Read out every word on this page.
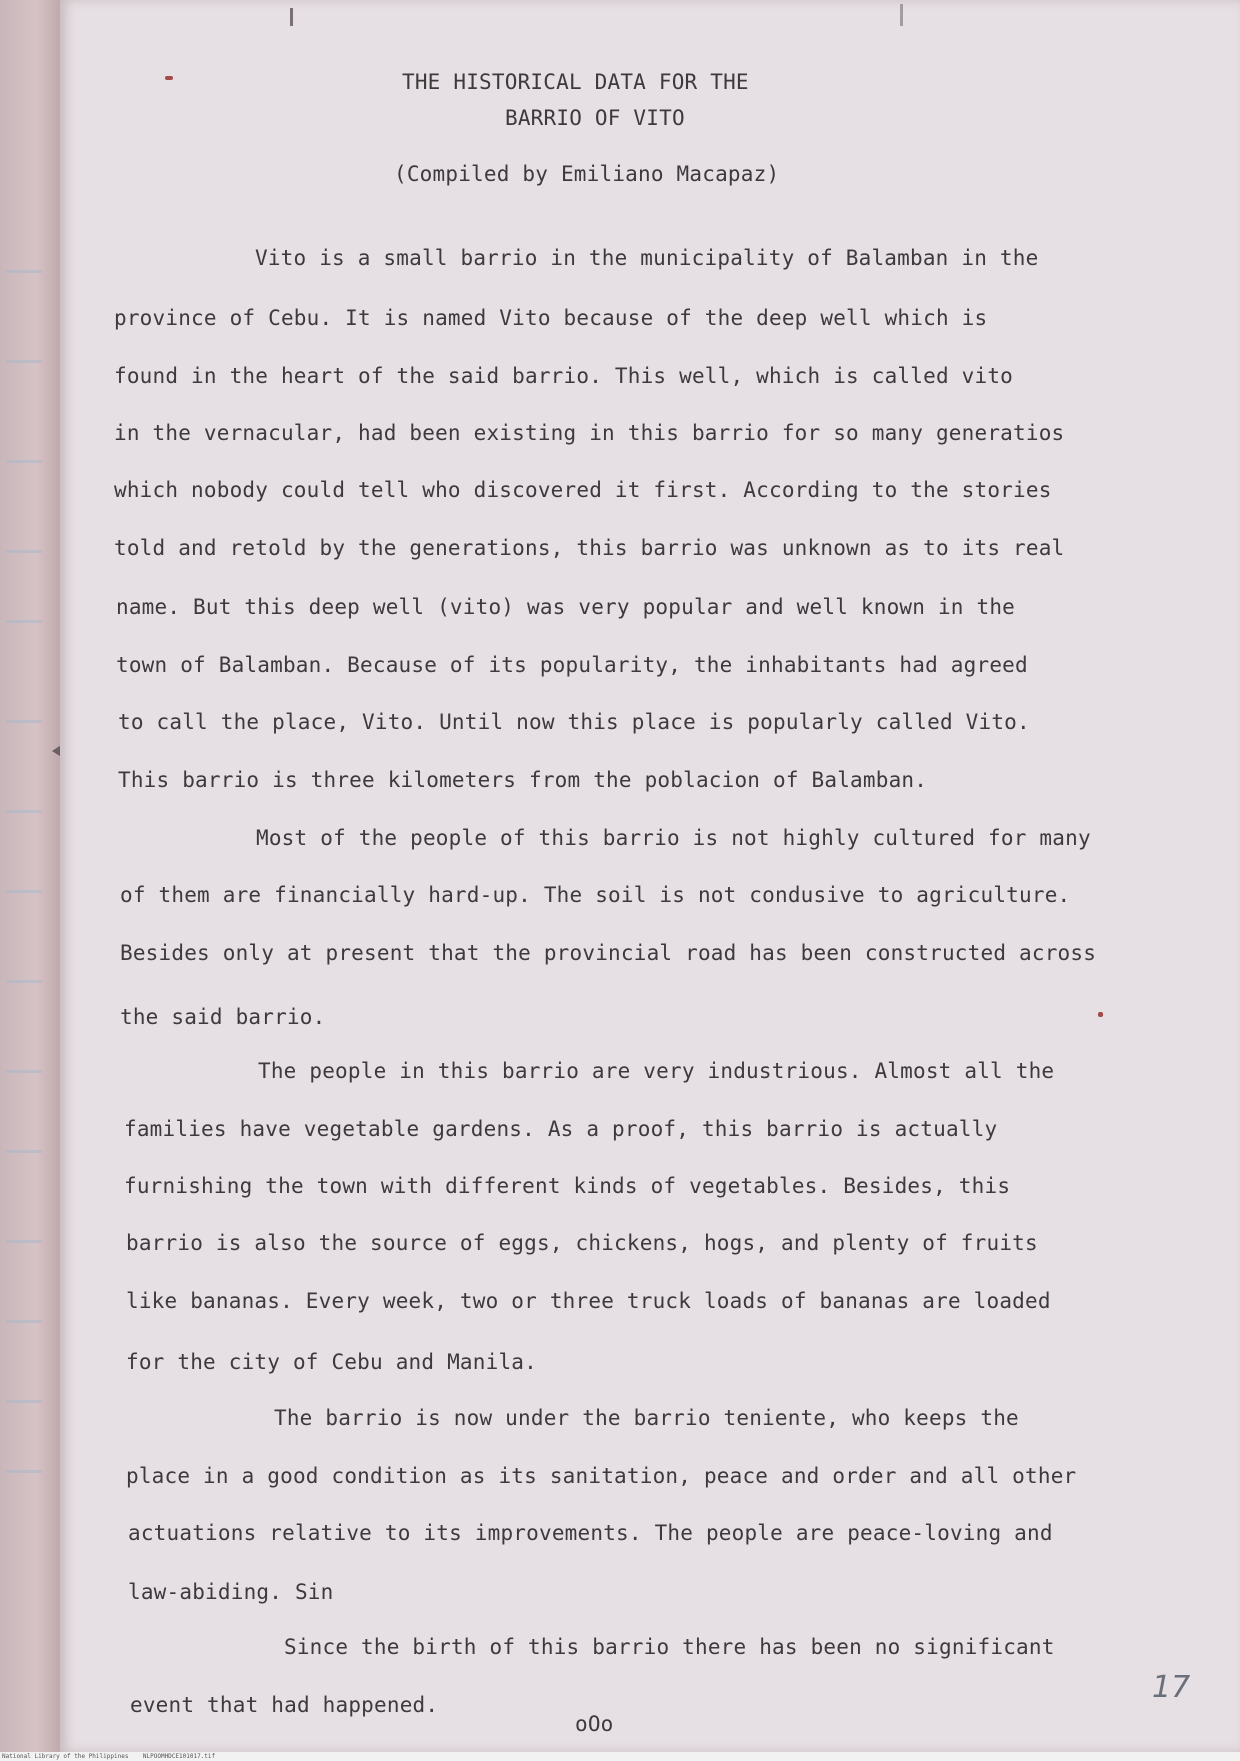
THE HISTORICAL DATA FOR THE
BARRIO OF VITO
(Compiled by Emiliano Macapaz)
Vito is a small barrio in the municipality of Balamban in the
province of Cebu. It is named Vito because of the deep well which is
found in the heart of the said barrio. This well, which is called vito
in the vernacular, had been existing in this barrio for so many generatios
which nobody could tell who discovered it first. According to the stories
told and retold by the generations, this barrio was unknown as to its real
name. But this deep well (vito) was very popular and well known in the
town of Balamban. Because of its popularity, the inhabitants had agreed
to call the place, Vito. Until now this place is popularly called Vito.
This barrio is three kilometers from the poblacion of Balamban.
Most of the people of this barrio is not highly cultured for many
of them are financially hard-up. The soil is not condusive to agriculture.
Besides only at present that the provincial road has been constructed across
the said barrio.
The people in this barrio are very industrious. Almost all the
families have vegetable gardens. As a proof, this barrio is actually
furnishing the town with different kinds of vegetables. Besides, this
barrio is also the source of eggs, chickens, hogs, and plenty of fruits
like bananas. Every week, two or three truck loads of bananas are loaded
for the city of Cebu and Manila.
The barrio is now under the barrio teniente, who keeps the
place in a good condition as its sanitation, peace and order and all other
actuations relative to its improvements. The people are peace-loving and
law-abiding. Sin
Since the birth of this barrio there has been no significant
event that had happened.
oOo
17
National Library of the Philippines NLPOOMHDCE101017.tif
